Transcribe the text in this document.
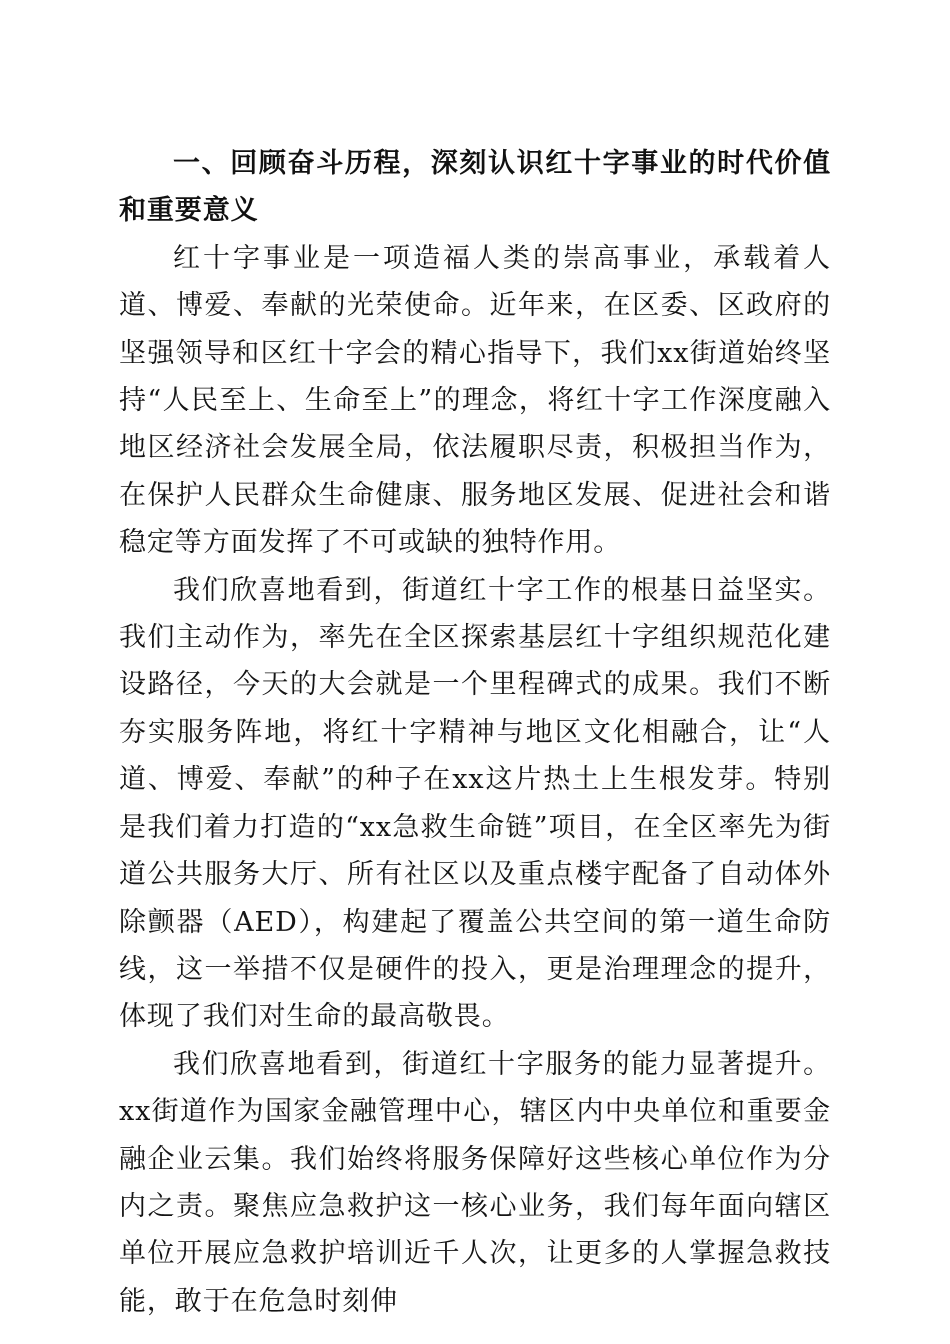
一、回顾奋斗历程，深刻认识红十字事业的时代价值和重要意义

红十字事业是一项造福人类的崇高事业，承载着人道、博爱、奉献的光荣使命。近年来，在区委、区政府的坚强领导和区红十字会的精心指导下，我们xx街道始终坚持“人民至上、生命至上”的理念，将红十字工作深度融入地区经济社会发展全局，依法履职尽责，积极担当作为，在保护人民群众生命健康、服务地区发展、促进社会和谐稳定等方面发挥了不可或缺的独特作用。

我们欣喜地看到，街道红十字工作的根基日益坚实。我们主动作为，率先在全区探索基层红十字组织规范化建设路径，今天的大会就是一个里程碑式的成果。我们不断夯实服务阵地，将红十字精神与地区文化相融合，让“人道、博爱、奉献”的种子在xx这片热土上生根发芽。特别是我们着力打造的“xx急救生命链”项目，在全区率先为街道公共服务大厅、所有社区以及重点楼宇配备了自动体外除颤器（AED），构建起了覆盖公共空间的第一道生命防线，这一举措不仅是硬件的投入，更是治理理念的提升，体现了我们对生命的最高敬畏。

我们欣喜地看到，街道红十字服务的能力显著提升。xx街道作为国家金融管理中心，辖区内中央单位和重要金融企业云集。我们始终将服务保障好这些核心单位作为分内之责。聚焦应急救护这一核心业务，我们每年面向辖区单位开展应急救护培训近千人次，让更多的人掌握急救技能，敢于在危急时刻伸
